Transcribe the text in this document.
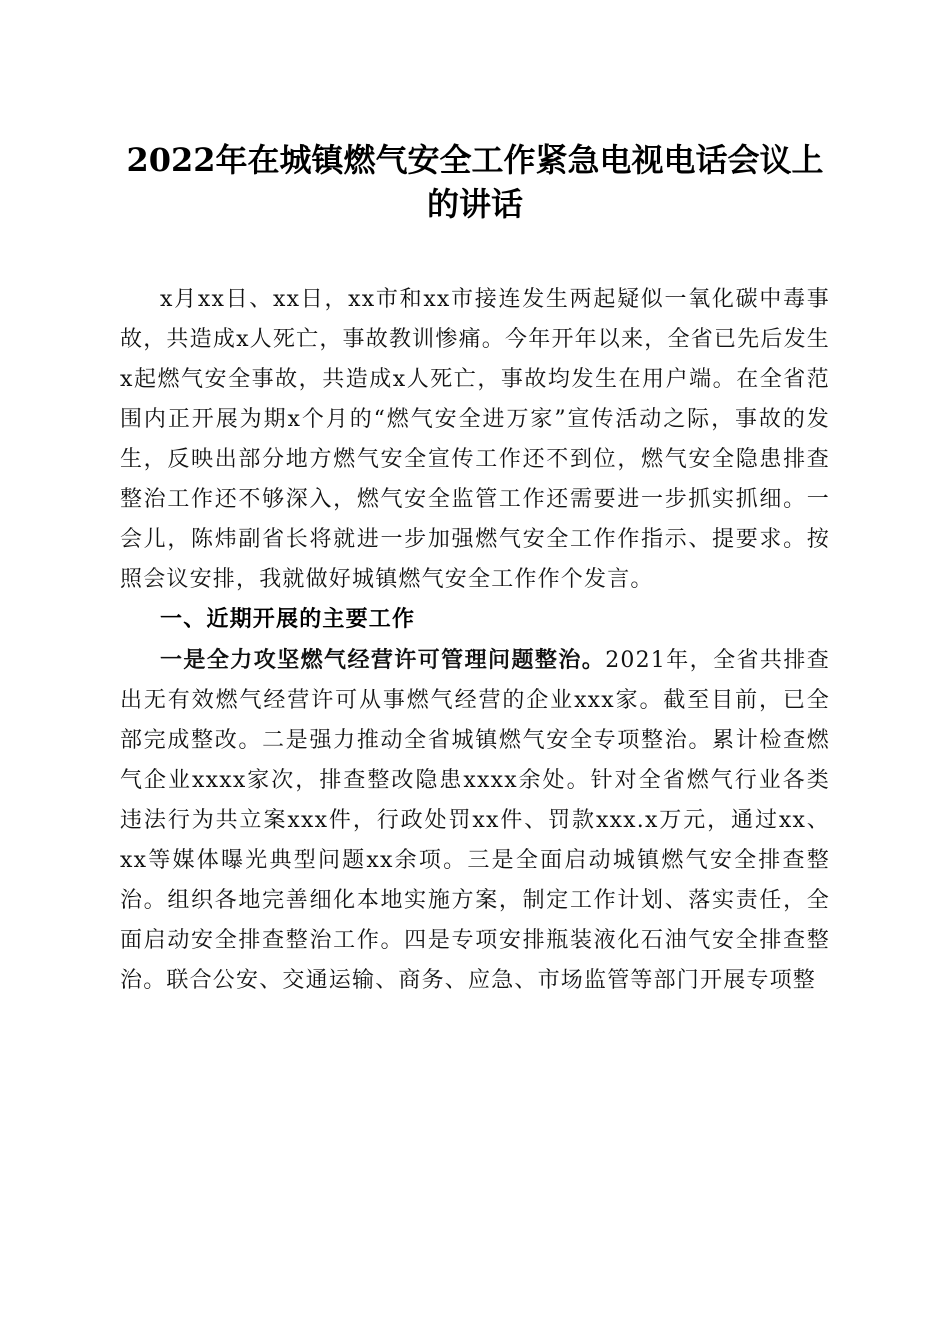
2022年在城镇燃气安全工作紧急电视电话会议上的讲话

x月xx日、xx日，xx市和xx市接连发生两起疑似一氧化碳中毒事故，共造成x人死亡，事故教训惨痛。今年开年以来，全省已先后发生x起燃气安全事故，共造成x人死亡，事故均发生在用户端。在全省范围内正开展为期x个月的“燃气安全进万家”宣传活动之际，事故的发生，反映出部分地方燃气安全宣传工作还不到位，燃气安全隐患排查整治工作还不够深入，燃气安全监管工作还需要进一步抓实抓细。一会儿，陈炜副省长将就进一步加强燃气安全工作作指示、提要求。按照会议安排，我就做好城镇燃气安全工作作个发言。

一、近期开展的主要工作

一是全力攻坚燃气经营许可管理问题整治。2021年，全省共排查出无有效燃气经营许可从事燃气经营的企业xxx家。截至目前，已全部完成整改。二是强力推动全省城镇燃气安全专项整治。累计检查燃气企业xxxx家次，排查整改隐患xxxx余处。针对全省燃气行业各类违法行为共立案xxx件，行政处罚xx件、罚款xxx.x万元，通过xx、xx等媒体曝光典型问题xx余项。三是全面启动城镇燃气安全排查整治。组织各地完善细化本地实施方案，制定工作计划、落实责任，全面启动安全排查整治工作。四是专项安排瓶装液化石油气安全排查整治。联合公安、交通运输、商务、应急、市场监管等部门开展专项整
